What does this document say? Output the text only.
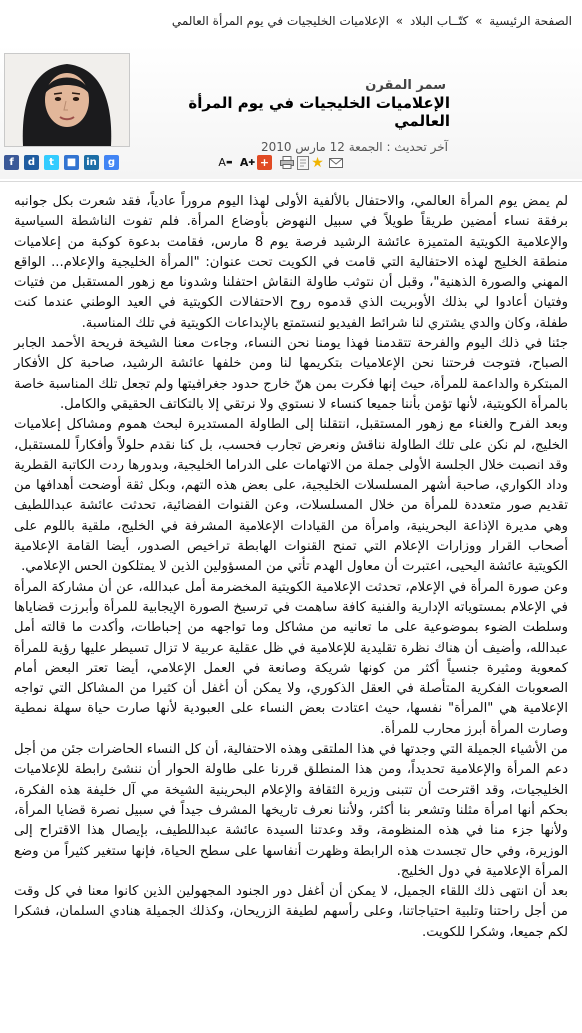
الصفحة الرئيسية » كتّــاب البلاد » الإعلاميات الخليجيات في يوم المرأة العالمي
سمر المقرن
الإعلاميات الخليجيات في يوم المرأة العالمي
آخر تحديث : الجمعة 12 مارس 2010
A ▬ A ✚ +	★
f	d	t	■ in	g

لم يمض يوم المرأة العالمي، والاحتفال بالألفية الأولى لهذا اليوم مروراً عادياً، فقد شعرت بكل جوانبه برفقة نساء أمضين طريقاً طويلاً في سبيل النهوض بأوضاع المرأة. فلم تفوت الناشطة السياسية والإعلامية الكويتية المتميزة عائشة الرشيد فرصة يوم 8 مارس، فقامت بدعوة كوكبة من إعلاميات منطقة الخليج لهذه الاحتفالية التي قامت في الكويت تحت عنوان: "المرأة الخليجية والإعلام... الواقع المهني والصورة الذهنية"، وقبل أن نتوثب طاولة النقاش احتفلنا وشدونا مع زهور المستقبل من فتيات وفتيان أعادوا لي بذلك الأوبريت الذي قدموه روح الاحتفالات الكويتية في العيد الوطني عندما كنت طفلة، وكان والدي يشتري لنا شرائط الفيديو لنستمتع بالإبداعات الكويتية في تلك المناسبة.

جئنا في ذلك اليوم والفرحة تتقدمنا فهذا يومنا نحن النساء، وجاءت معنا الشيخة فريحة الأحمد الجابر الصباح، فتوجت فرحتنا نحن الإعلاميات بتكريمها لنا ومن خلفها عائشة الرشيد، صاحبة كل الأفكار المبتكرة والداعمة للمرأة، حيث إنها فكرت بمن هنّ خارج حدود جغرافيتها ولم تجعل تلك المناسبة خاصة بالمرأة الكويتية، لأنها تؤمن بأننا جميعا كنساء لا نستوي ولا نرتقي إلا بالتكاتف الحقيقي والكامل.

وبعد الفرح والغناء مع زهور المستقبل، انتقلنا إلى الطاولة المستديرة لبحث هموم ومشاكل إعلاميات الخليج، لم نكن على تلك الطاولة نناقش ونعرض تجارب فحسب، بل كنا نقدم حلولاً وأفكاراً للمستقبل، وقد انصبت خلال الجلسة الأولى جملة من الاتهامات على الدراما الخليجية، وبدورها ردت الكاتبة القطرية وداد الكواري، صاحبة أشهر المسلسلات الخليجية، على بعض هذه التهم، وبكل ثقة أوضحت أهدافها من تقديم صور متعددة للمرأة من خلال المسلسلات، وعن القنوات الفضائية، تحدثت عائشة عبداللطيف وهي مديرة الإذاعة البحرينية، وامرأة من القيادات الإعلامية المشرفة في الخليج، ملقية باللوم على أصحاب القرار ووزارات الإعلام التي تمنح القنوات الهابطة تراخيص الصدور، أيضا القامة الإعلامية الكويتية عائشة اليحيى، اعتبرت أن معاول الهدم تأتي من المسؤولين الذين لا يمتلكون الحس الإعلامي.

وعن صورة المرأة في الإعلام، تحدثت الإعلامية الكويتية المخضرمة أمل عبدالله، عن أن مشاركة المرأة في الإعلام بمستوياته الإدارية والفنية كافة ساهمت في ترسيخ الصورة الإيجابية للمرأة وأبرزت قضاياها وسلطت الضوء بموضوعية على ما تعانيه من مشاكل وما تواجهه من إحباطات، وأكدت ما قالته أمل عبدالله، وأضيف أن هناك نظرة تقليدية للإعلامية في ظل عقلية عربية لا تزال تسيطر عليها رؤية للمرأة كمعوية ومثيرة جنسياً أكثر من كونها شريكة وصانعة في العمل الإعلامي، أيضا تعتر البعض أمام الصعوبات الفكرية المتأصلة في العقل الذكوري، ولا يمكن أن أغفل أن كثيرا من المشاكل التي تواجه الإعلامية هي "المرأة" نفسها، حيث اعتادت بعض النساء على العبودية لأنها صارت حياة سهلة نمطية وصارت المرأة أبرز محارب للمرأة.

من الأشياء الجميلة التي وجدتها في هذا الملتقى وهذه الاحتفالية، أن كل النساء الحاضرات جئن من أجل دعم المرأة والإعلامية تحديداً، ومن هذا المنطلق قررنا على طاولة الحوار أن ننشئ رابطة للإعلاميات الخليجيات، وقد اقترحت أن تتبنى وزيرة الثقافة والإعلام البحرينية الشيخة مي آل خليفة هذه الفكرة، بحكم أنها امرأة مثلنا وتشعر بنا أكثر، ولأننا نعرف تاريخها المشرف جيداً في سبيل نصرة قضايا المرأة، ولأنها جزء منا في هذه المنظومة، وقد وعدتنا السيدة عائشة عبداللطيف، بإيصال هذا الاقتراح إلى الوزيرة، وفي حال تجسدت هذه الرابطة وظهرت أنفاسها على سطح الحياة، فإنها ستغير كثيراً من وضع المرأة الإعلامية في دول الخليج.

بعد أن انتهى ذلك اللقاء الجميل، لا يمكن أن أغفل دور الجنود المجهولين الذين كانوا معنا في كل وقت من أجل راحتنا وتلبية احتياجاتنا، وعلى رأسهم لطيفة الزريحان، وكذلك الجميلة هنادي السلمان، فشكرا لكم جميعا، وشكرا للكويت.
